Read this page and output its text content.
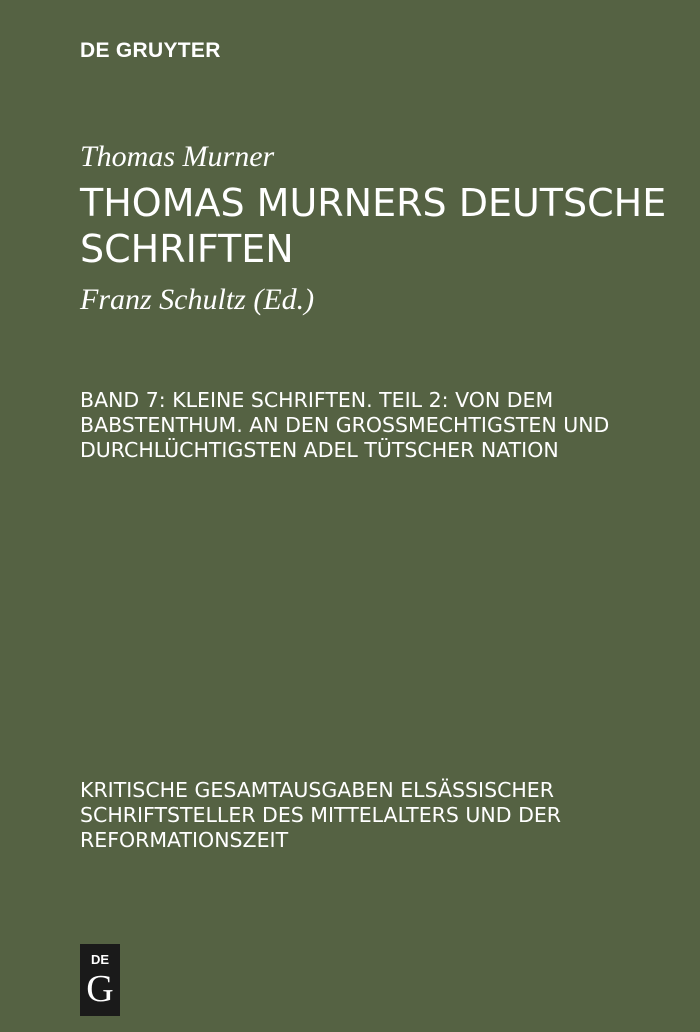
DE GRUYTER
Thomas Murner
THOMAS MURNERS DEUTSCHE SCHRIFTEN
Franz Schultz (Ed.)
BAND 7: KLEINE SCHRIFTEN. TEIL 2: VON DEM BABSTENTHUM. AN DEN GROSSMECHTIGSTEN UND DURCHLÜCHTIGSTEN ADEL TÜTSCHER NATION
KRITISCHE GESAMTAUSGABEN ELSÄSSISCHER SCHRIFTSTELLER DES MITTELALTERS UND DER REFORMATIONSZEIT
DE
G
